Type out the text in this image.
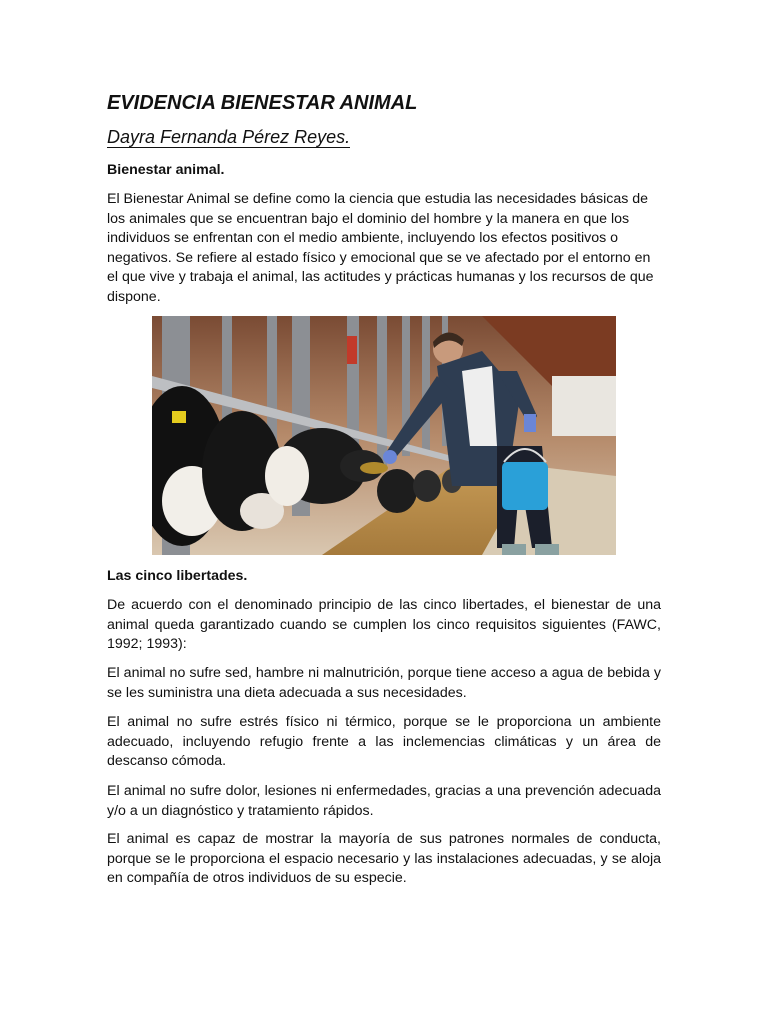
EVIDENCIA BIENESTAR ANIMAL
Dayra Fernanda Pérez Reyes.
Bienestar animal.

El Bienestar Animal se define como la ciencia que estudia las necesidades básicas de los animales que se encuentran bajo el dominio del hombre y la manera en que los individuos se enfrentan con el medio ambiente, incluyendo los efectos positivos o negativos. Se refiere al estado físico y emocional que se ve afectado por el entorno en el que vive y trabaja el animal, las actitudes y prácticas humanas y los recursos de que dispone.

Las cinco libertades.

De acuerdo con el denominado principio de las cinco libertades, el bienestar de una animal queda garantizado cuando se cumplen los cinco requisitos siguientes (FAWC, 1992; 1993):

El animal no sufre sed, hambre ni malnutrición, porque tiene acceso a agua de bebida y se les suministra una dieta adecuada a sus necesidades.

El animal no sufre estrés físico ni térmico, porque se le proporciona un ambiente adecuado, incluyendo refugio frente a las inclemencias climáticas y un área de descanso cómoda.

El animal no sufre dolor, lesiones ni enfermedades, gracias a una prevención adecuada y/o a un diagnóstico y tratamiento rápidos.

El animal es capaz de mostrar la mayoría de sus patrones normales de conducta, porque se le proporciona el espacio necesario y las instalaciones adecuadas, y se aloja en compañía de otros individuos de su especie.
